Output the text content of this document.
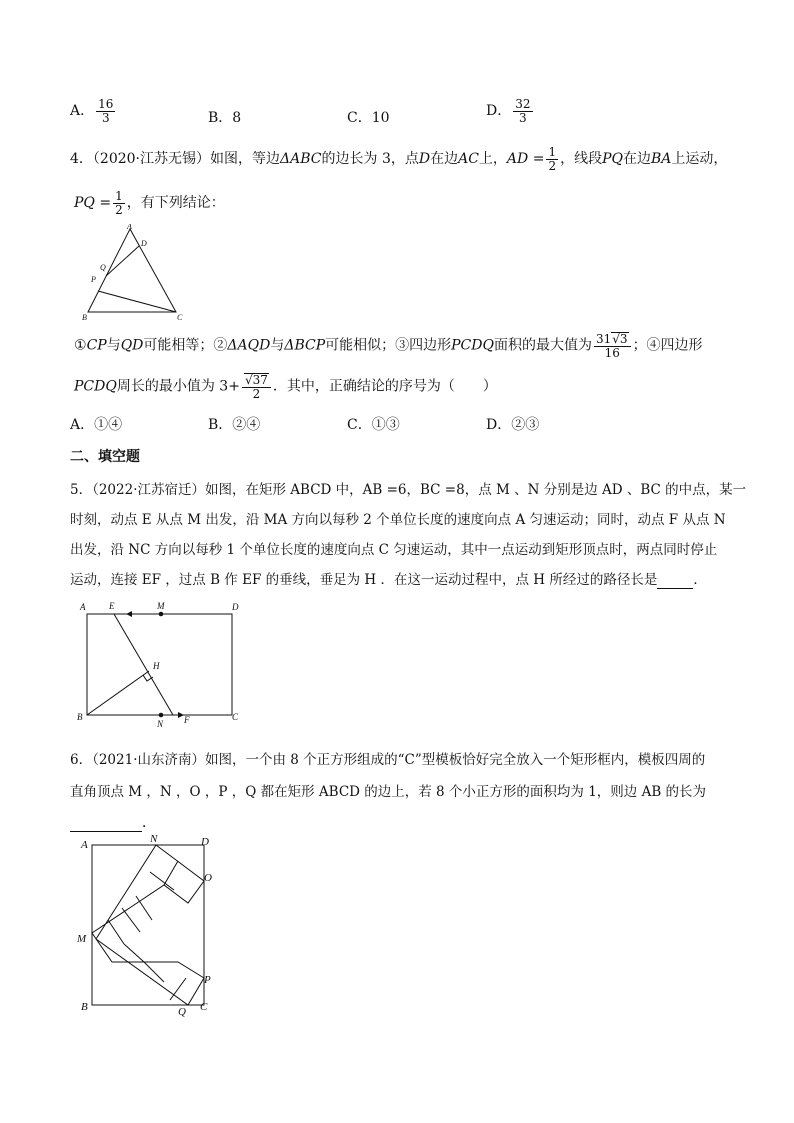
A． $\frac{16}{3}$	B．8	C．10	D． $\frac{32}{3}$
4．（2020·江苏无锡）如图，等边ΔABC的边长为 3，点D在边AC上，AD = $\frac{1}{2}$ ，线段PQ在边BA上运动，
PQ = $\frac{1}{2}$ ，有下列结论：
A
D
Q
P
B	C
①CP与QD可能相等；②ΔAQD与ΔBCP可能相似；③四边形PCDQ面积的最大值为 $\frac{31√3}{16}$ ；④四边形
PCDQ周长的最小值为 $3+ \frac{√37}{2}$ ．其中，正确结论的序号为（　　）
A．①④	B．②④	C．①③	D．②③
二、填空题
5．（2022·江苏宿迁）如图，在矩形 ABCD 中，AB =6，BC =8，点 M 、N 分别是边 AD 、BC 的中点，某一
时刻，动点 E 从点 M 出发，沿 MA 方向以每秒 2 个单位长度的速度向点 A 匀速运动；同时，动点 F 从点 N
出发，沿 NC 方向以每秒 1 个单位长度的速度向点 C 匀速运动，其中一点运动到矩形顶点时，两点同时停止
运动，连接 EF ，过点 B 作 EF 的垂线，垂足为 H ．在这一运动过程中，点 H 所经过的路径长是	．
A	E	M	D
H
B
N F	C
6．（2021·山东济南）如图，一个由 8 个正方形组成的“C”型模板恰好完全放入一个矩形框内，模板四周的
直角顶点 M ，N ，O ，P ，Q 都在矩形 ABCD 的边上，若 8 个小正方形的面积均为 1，则边 AB 的长为
．
A	N	D
O
M
P
B	Q C
